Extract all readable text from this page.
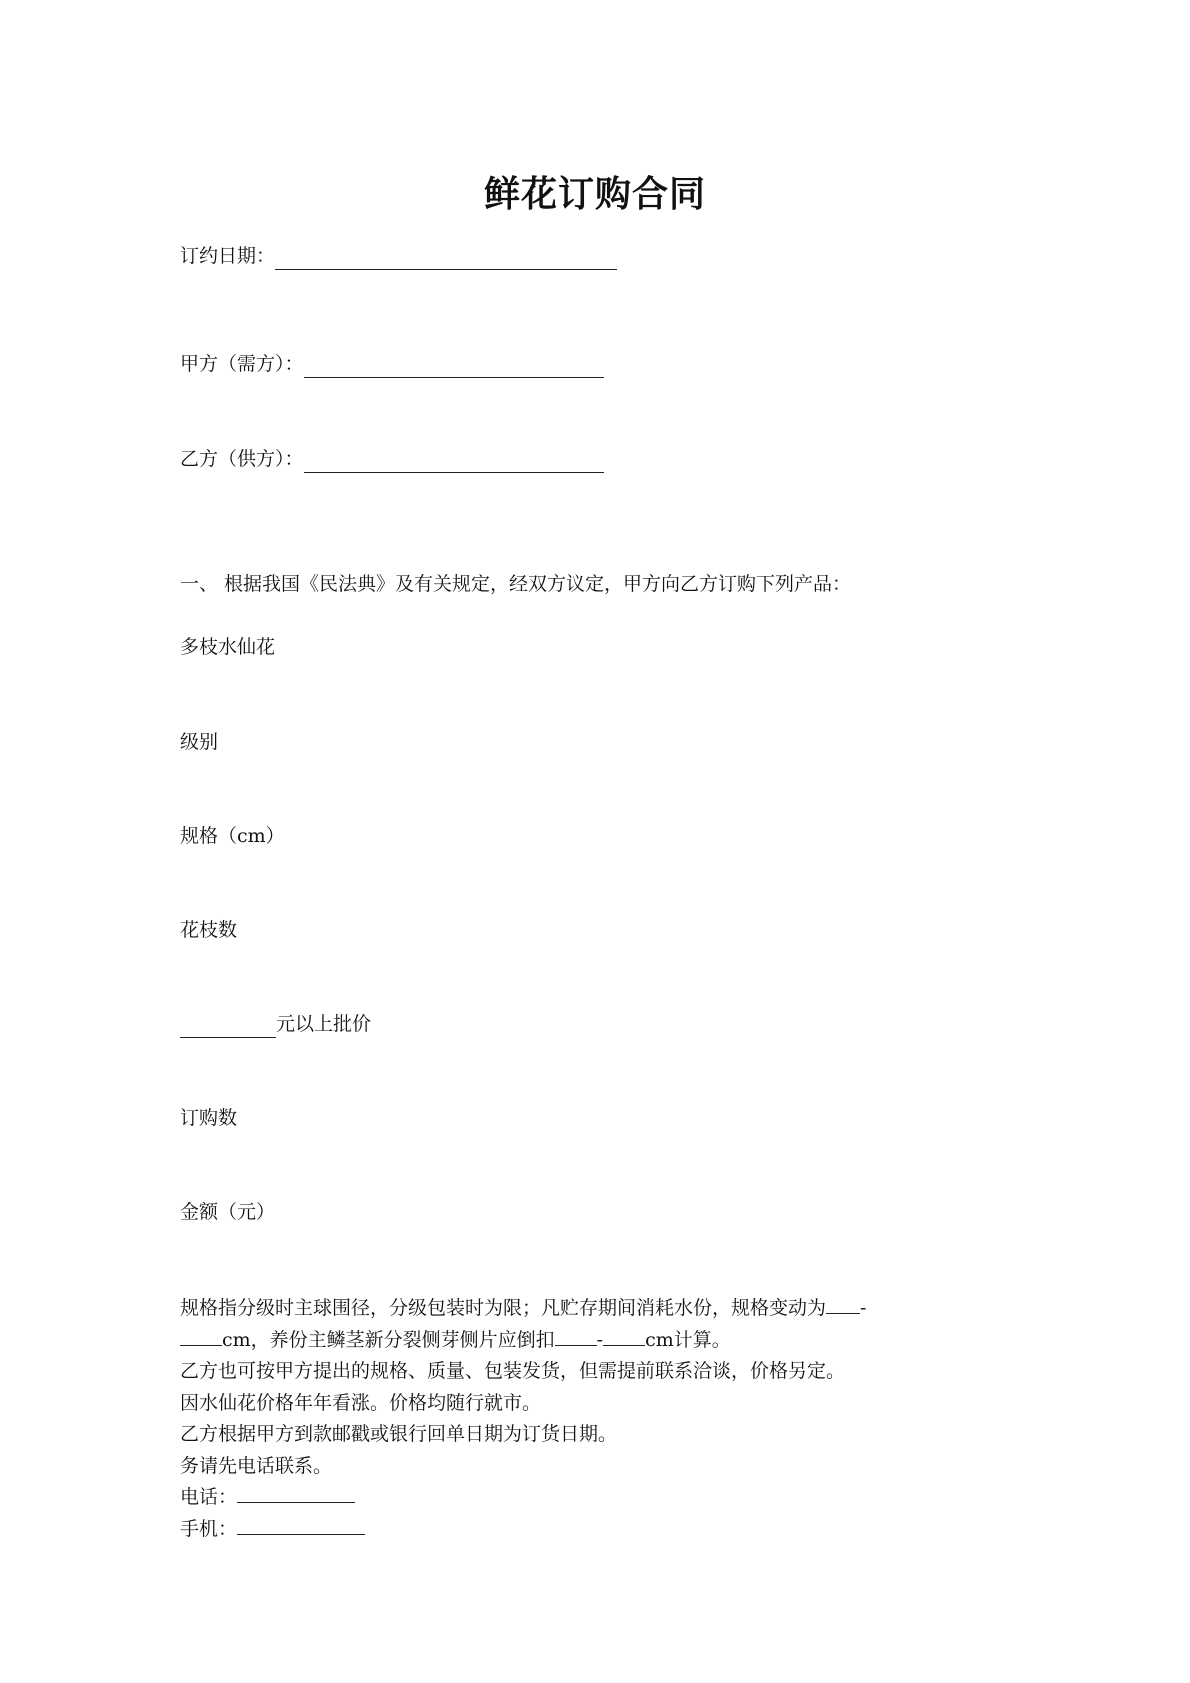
鲜花订购合同
订约日期：
甲方（需方）：
乙方（供方）：
一、 根据我国《民法典》及有关规定，经双方议定，甲方向乙方订购下列产品：
多枝水仙花
级别
规格（cm）
花枝数
元以上批价
订购数
金额（元）
规格指分级时主球围径，分级包装时为限；凡贮存期间消耗水份，规格变动为 -
cm，养份主鳞茎新分裂侧芽侧片应倒扣 - cm计算。
乙方也可按甲方提出的规格、质量、包装发货，但需提前联系洽谈，价格另定。
因水仙花价格年年看涨。价格均随行就市。
乙方根据甲方到款邮戳或银行回单日期为订货日期。
务请先电话联系。
电话：
手机：
